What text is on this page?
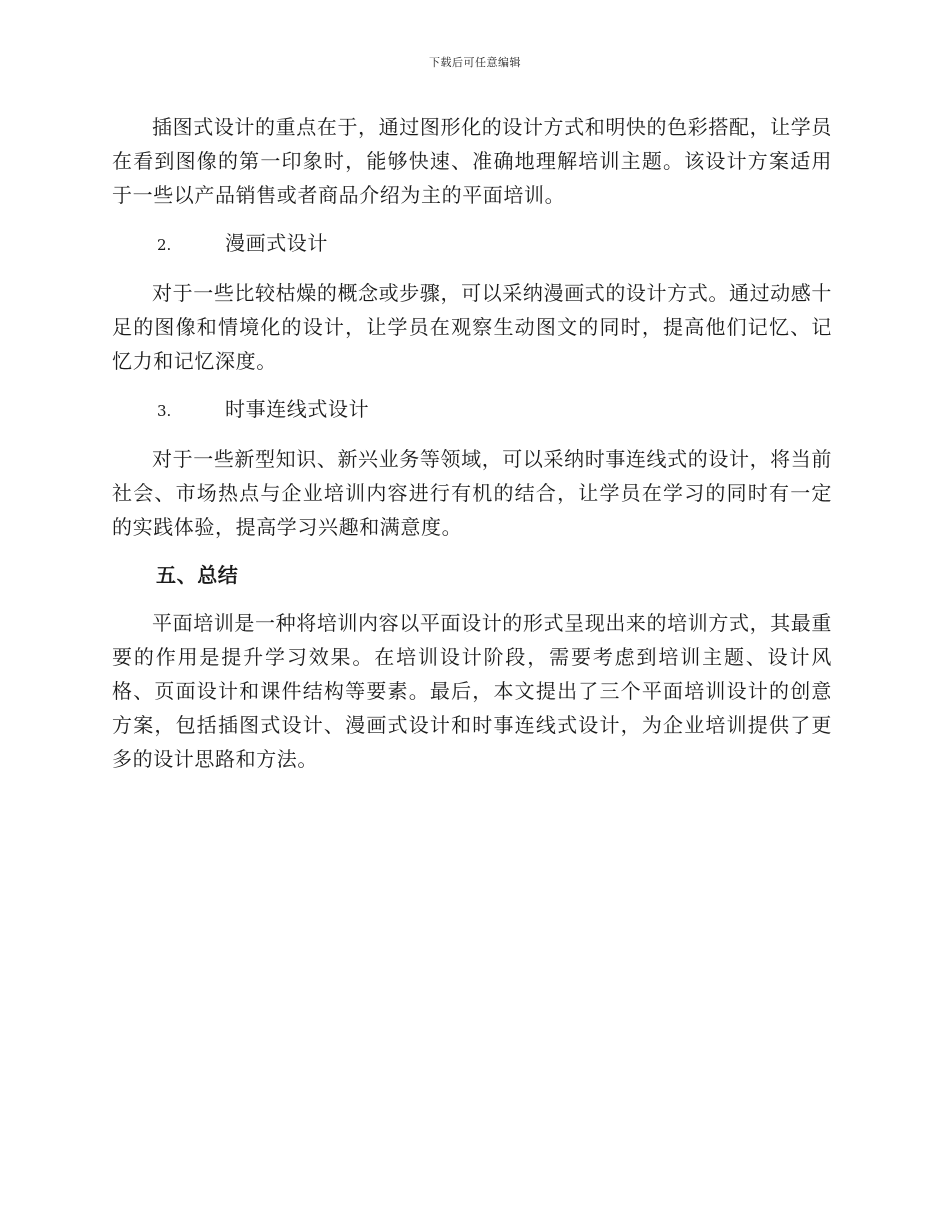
下载后可任意编辑

插图式设计的重点在于，通过图形化的设计方式和明快的色彩搭配，让学员在看到图像的第一印象时，能够快速、准确地理解培训主题。该设计方案适用于一些以产品销售或者商品介绍为主的平面培训。

2.	漫画式设计

对于一些比较枯燥的概念或步骤，可以采纳漫画式的设计方式。通过动感十足的图像和情境化的设计，让学员在观察生动图文的同时，提高他们记忆、记忆力和记忆深度。

3.	时事连线式设计

对于一些新型知识、新兴业务等领域，可以采纳时事连线式的设计，将当前社会、市场热点与企业培训内容进行有机的结合，让学员在学习的同时有一定的实践体验，提高学习兴趣和满意度。

五、总结

平面培训是一种将培训内容以平面设计的形式呈现出来的培训方式，其最重要的作用是提升学习效果。在培训设计阶段，需要考虑到培训主题、设计风格、页面设计和课件结构等要素。最后，本文提出了三个平面培训设计的创意方案，包括插图式设计、漫画式设计和时事连线式设计，为企业培训提供了更多的设计思路和方法。
